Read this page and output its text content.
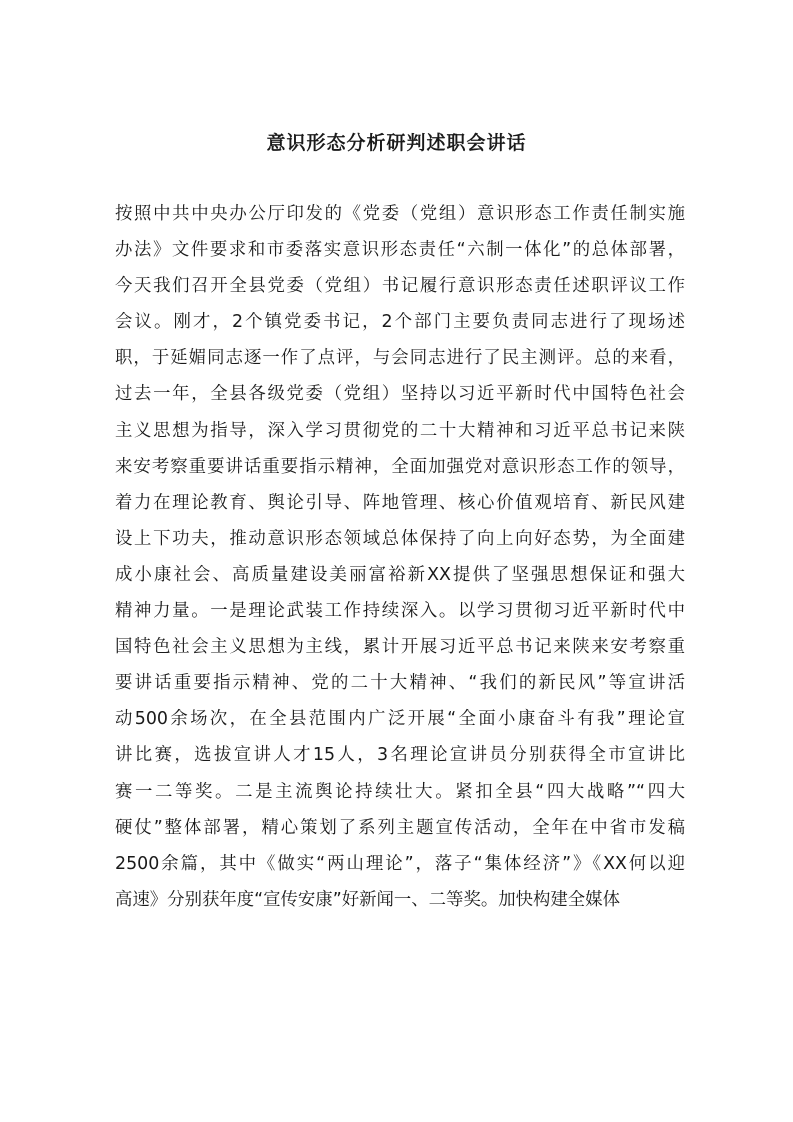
意识形态分析研判述职会讲话
按照中共中央办公厅印发的《党委（党组）意识形态工作责任制实施
办法》文件要求和市委落实意识形态责任“六制一体化”的总体部署，
今天我们召开全县党委（党组）书记履行意识形态责任述职评议工作
会议。刚才，2个镇党委书记，2个部门主要负责同志进行了现场述
职，于延媚同志逐一作了点评，与会同志进行了民主测评。总的来看，
过去一年，全县各级党委（党组）坚持以习近平新时代中国特色社会
主义思想为指导，深入学习贯彻党的二十大精神和习近平总书记来陕
来安考察重要讲话重要指示精神，全面加强党对意识形态工作的领导，
着力在理论教育、舆论引导、阵地管理、核心价值观培育、新民风建
设上下功夫，推动意识形态领域总体保持了向上向好态势，为全面建
成小康社会、高质量建设美丽富裕新XX提供了坚强思想保证和强大
精神力量。一是理论武装工作持续深入。以学习贯彻习近平新时代中
国特色社会主义思想为主线，累计开展习近平总书记来陕来安考察重
要讲话重要指示精神、党的二十大精神、“我们的新民风”等宣讲活
动500余场次，在全县范围内广泛开展“全面小康奋斗有我”理论宣
讲比赛，选拔宣讲人才15人，3名理论宣讲员分别获得全市宣讲比
赛一二等奖。二是主流舆论持续壮大。紧扣全县“四大战略”“四大
硬仗”整体部署，精心策划了系列主题宣传活动，全年在中省市发稿
2500余篇，其中《做实“两山理论”，落子“集体经济”》《XX何以迎
高速》分别获年度“宣传安康”好新闻一、二等奖。加快构建全媒体
